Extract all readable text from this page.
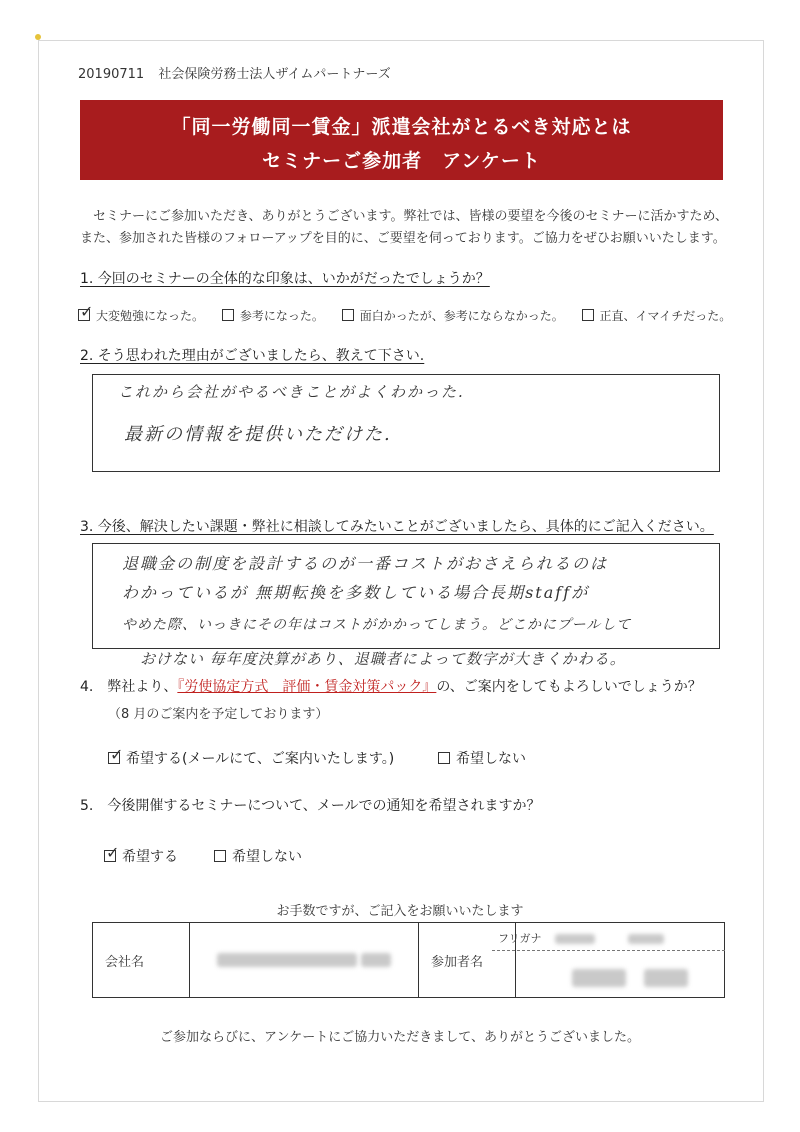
20190711 社会保険労務士法人ザイムパートナーズ
「同一労働同一賃金」派遣会社がとるべき対応とは
セミナーご参加者　アンケート

セミナーにご参加いただき、ありがとうございます。弊社では、皆様の要望を今後のセミナーに活かすため、

また、参加された皆様のフォローアップを目的に、ご要望を伺っております。ご協力をぜひお願いいたします。

1. 今回のセミナーの全体的な印象は、いかがだったでしょうか？
✓ 大変勉強になった。	参考になった。	面白かったが、参考にならなかった。	正直、イマイチだった。
2. そう思われた理由がございましたら、教えて下さい.
これから会社がやるべきことがよくわかった.
最新の情報を提供いただけた.
3. 今後、解決したい課題・弊社に相談してみたいことがございましたら、具体的にご記入ください。
退職金の制度を設計するのが一番コストがおさえられるのは
わかっているが 無期転換を多数している場合長期staffが
やめた際、いっきにその年はコストがかかってしまう。どこかにプールして
おけない 毎年度決算があり、退職者によって数字が大きくかわる。
4.　弊社より、『労使協定方式　評価・賃金対策パック』の、ご案内をしてもよろしいでしょうか？
（8 月のご案内を予定しております）
✓ 希望する(メールにて、ご案内いたします。)	希望しない
5.　今後開催するセミナーについて、メールでの通知を希望されますか？
✓ 希望する	希望しない
お手数ですが、ご記入をお願いいたします
会社名		参加者名	

フリガナ
ご参加ならびに、アンケートにご協力いただきまして、ありがとうございました。
